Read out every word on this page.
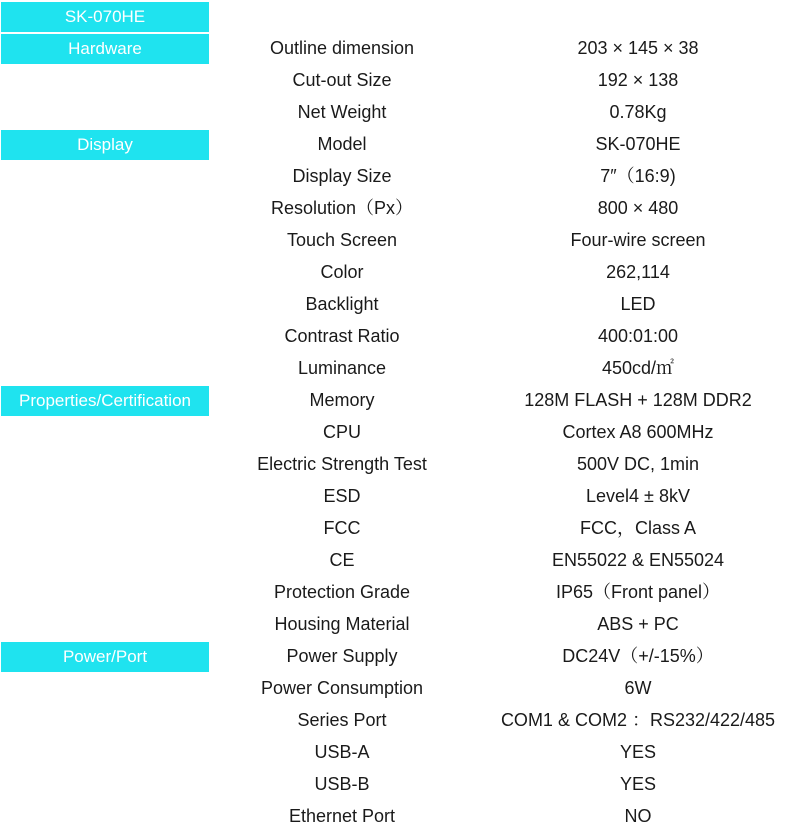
SK-070HE
Hardware	Outline dimension	203 × 145 × 38
Cut-out Size	192 × 138
Net Weight	0.78Kg
Display	Model	SK-070HE
Display Size	7″（16:9)
Resolution（Px）	800 × 480
Touch Screen	Four-wire screen
Color	262,114
Backlight	LED
Contrast Ratio	400:01:00
Luminance	450cd/㎡
Properties/Certification	Memory	128M FLASH + 128M DDR2
CPU	Cortex A8 600MHz
Electric Strength Test	500V DC, 1min
ESD	Level4 ± 8kV
FCC	FCC，Class A
CE	EN55022 & EN55024
Protection Grade	IP65（Front panel）
Housing Material	ABS + PC
Power/Port	Power Supply	DC24V（+/-15%）
Power Consumption	6W
Series Port	COM1 & COM2 ：RS232/422/485
USB-A	YES
USB-B	YES
Ethernet Port	NO
